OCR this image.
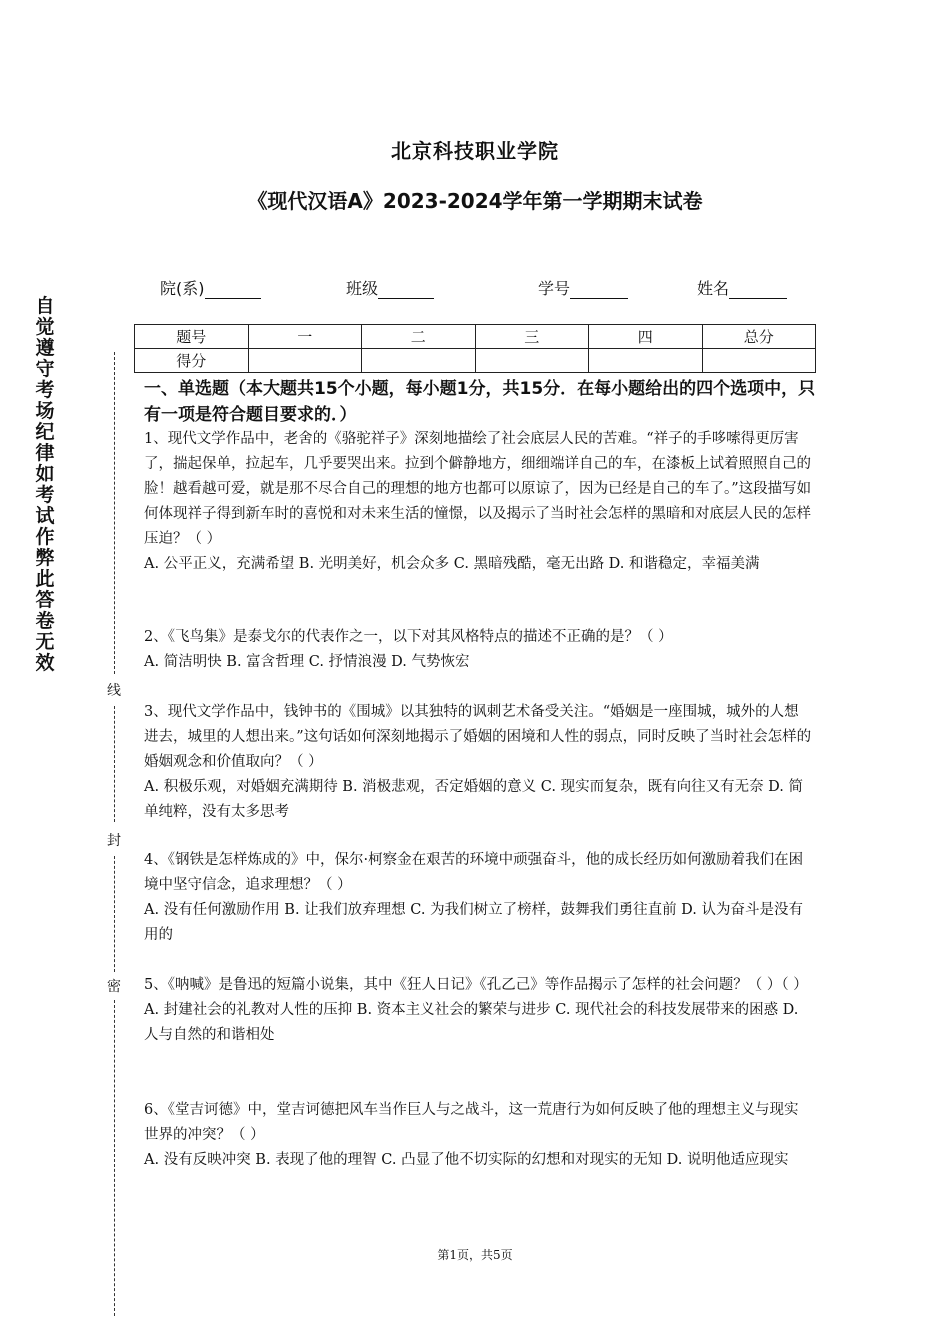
北京科技职业学院
《现代汉语A》2023-2024学年第一学期期末试卷
院(系)	班级	学号	姓名
题号	一	二	三	四	总分
得分					
自觉遵守考场纪律如考试作弊此答卷无效
线
封
密
一、单选题（本大题共15个小题，每小题1分，共15分．在每小题给出的四个选项中，只有一项是符合题目要求的．）
1、现代文学作品中，老舍的《骆驼祥子》深刻地描绘了社会底层人民的苦难。“祥子的手哆嗦得更厉害了，揣起保单，拉起车，几乎要哭出来。拉到个僻静地方，细细端详自己的车，在漆板上试着照照自己的脸！越看越可爱，就是那不尽合自己的理想的地方也都可以原谅了，因为已经是自己的车了。”这段描写如何体现祥子得到新车时的喜悦和对未来生活的憧憬，以及揭示了当时社会怎样的黑暗和对底层人民的怎样压迫？（ ）
A. 公平正义，充满希望 B. 光明美好，机会众多 C. 黑暗残酷，毫无出路 D. 和谐稳定，幸福美满
2、《飞鸟集》是泰戈尔的代表作之一，以下对其风格特点的描述不正确的是？（ ）
A. 简洁明快 B. 富含哲理 C. 抒情浪漫 D. 气势恢宏
3、现代文学作品中，钱钟书的《围城》以其独特的讽刺艺术备受关注。“婚姻是一座围城，城外的人想进去，城里的人想出来。”这句话如何深刻地揭示了婚姻的困境和人性的弱点，同时反映了当时社会怎样的婚姻观念和价值取向？（ ）
A. 积极乐观，对婚姻充满期待 B. 消极悲观，否定婚姻的意义 C. 现实而复杂，既有向往又有无奈 D. 简单纯粹，没有太多思考
4、《钢铁是怎样炼成的》中，保尔·柯察金在艰苦的环境中顽强奋斗，他的成长经历如何激励着我们在困境中坚守信念，追求理想？（ ）
A. 没有任何激励作用 B. 让我们放弃理想 C. 为我们树立了榜样，鼓舞我们勇往直前 D. 认为奋斗是没有用的
5、《呐喊》是鲁迅的短篇小说集，其中《狂人日记》《孔乙己》等作品揭示了怎样的社会问题？（ ）（ ）
A. 封建社会的礼教对人性的压抑 B. 资本主义社会的繁荣与进步 C. 现代社会的科技发展带来的困惑 D. 人与自然的和谐相处
6、《堂吉诃德》中，堂吉诃德把风车当作巨人与之战斗，这一荒唐行为如何反映了他的理想主义与现实世界的冲突？（ ）
A. 没有反映冲突 B. 表现了他的理智 C. 凸显了他不切实际的幻想和对现实的无知 D. 说明他适应现实
第1页，共5页
